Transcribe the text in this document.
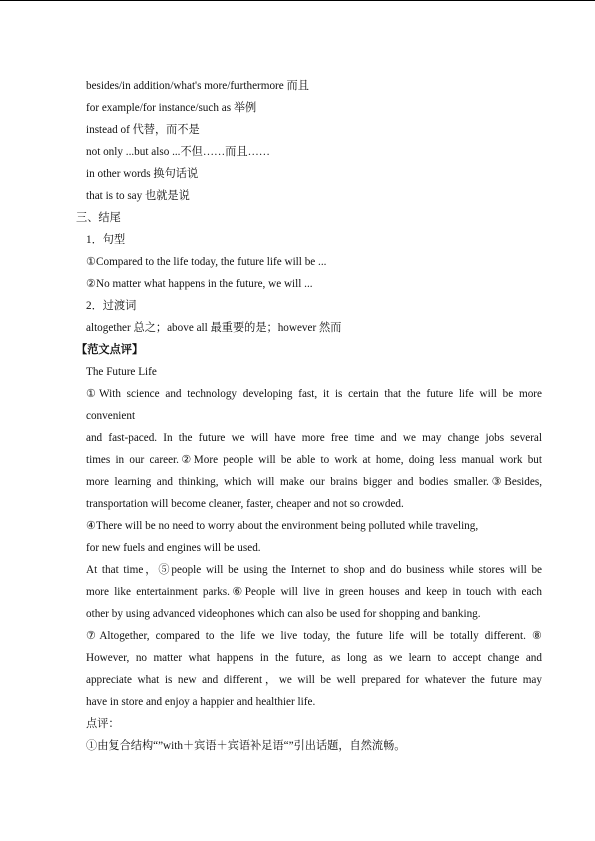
besides/in addition/what's more/furthermore 而且
for example/for instance/such as 举例
instead of 代替，而不是
not only ...but also ...不但……而且……
in other words 换句话说
that is to say 也就是说
三、结尾
1．句型
①Compared to the life today, the future life will be ...
②No matter what happens in the future, we will ...
2．过渡词
altogether 总之；above all 最重要的是；however 然而
【范文点评】
The Future Life
①With science and technology developing fast, it is certain that the future life will be more
convenient
and fast-paced. In the future we will have more free time and we may change jobs several
times in our career.②More people will be able to work at home, doing less manual work but
more learning and thinking, which will make our brains bigger and bodies smaller.③Besides,
transportation will become cleaner, faster, cheaper and not so crowded.
④There will be no need to worry about the environment being polluted while traveling,
for new fuels and engines will be used.
At that time，⑤people will be using the Internet to shop and do business while stores will be
more like entertainment parks.⑥People will live in green houses and keep in touch with each
other by using advanced videophones which can also be used for shopping and banking.
⑦Altogether, compared to the life we live today, the future life will be totally different. ⑧
However, no matter what happens in the future, as long as we learn to accept change and
appreciate what is new and different，we will be well prepared for whatever the future may
have in store and enjoy a happier and healthier life.
点评：
①由复合结构“”with＋宾语＋宾语补足语“”引出话题，自然流畅。
